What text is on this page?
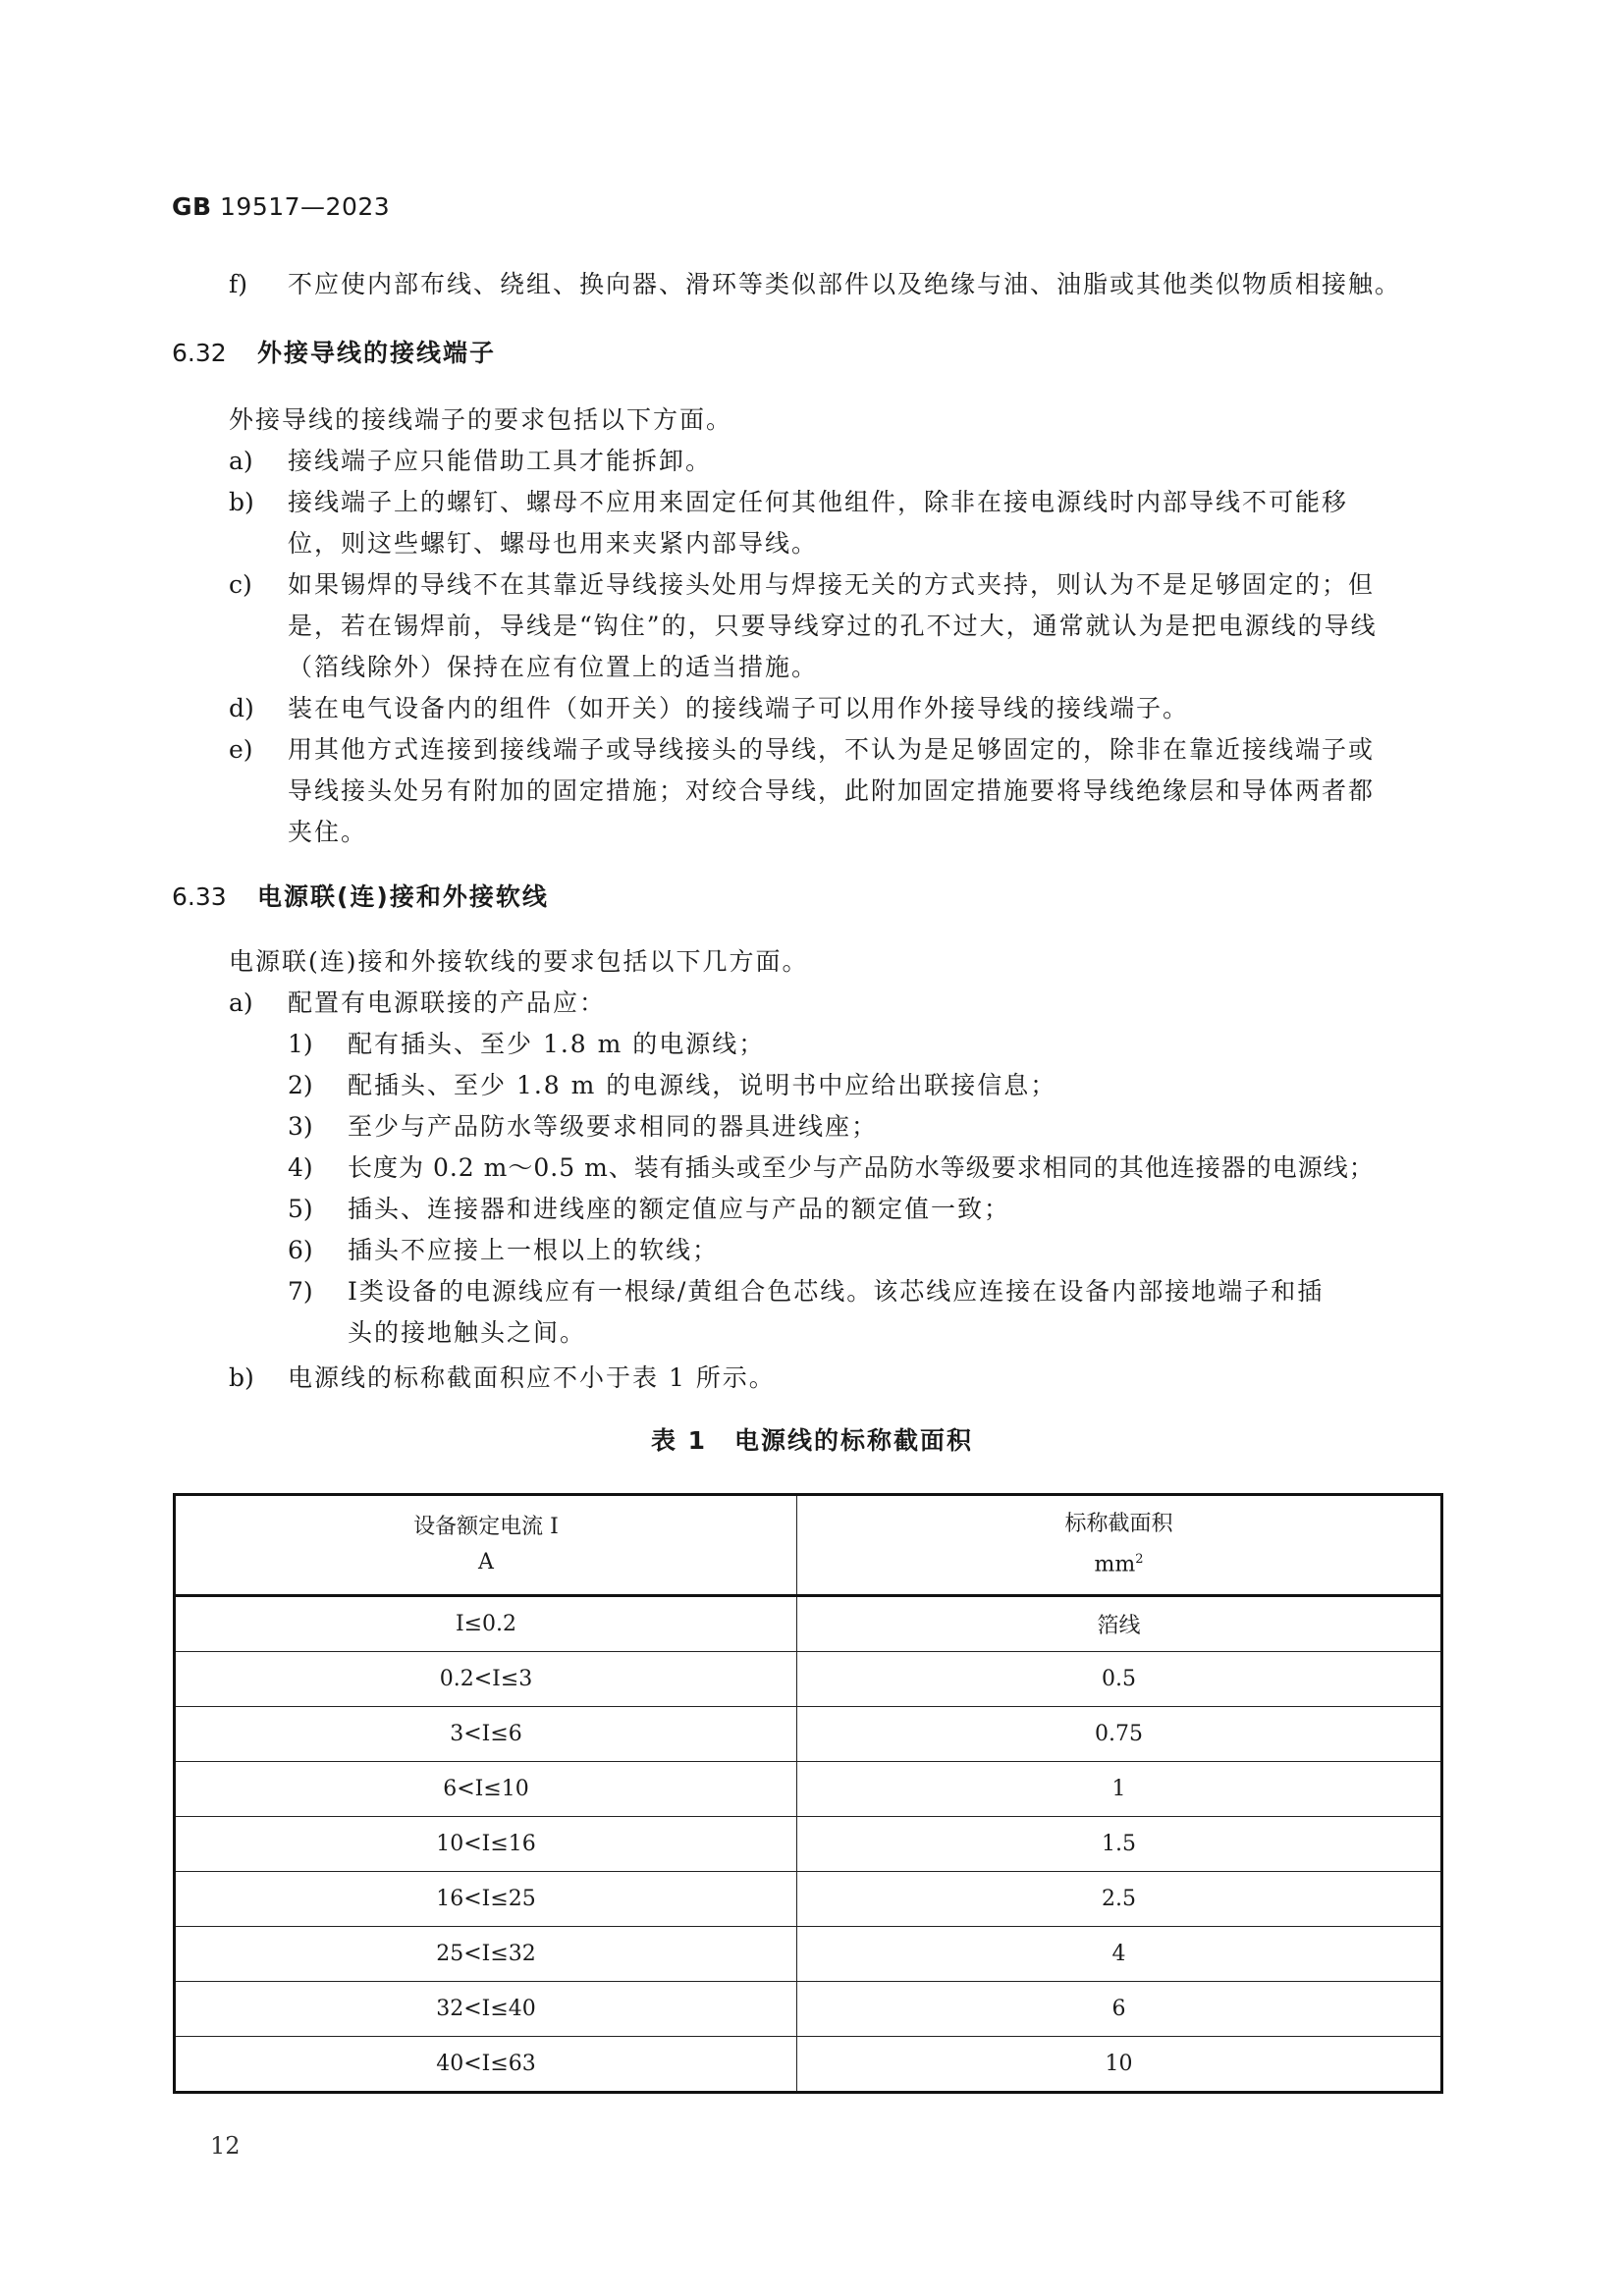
GB 19517—2023
f) 不应使内部布线、绕组、换向器、滑环等类似部件以及绝缘与油、油脂或其他类似物质相接触。
6.32 外接导线的接线端子
外接导线的接线端子的要求包括以下方面。
a) 接线端子应只能借助工具才能拆卸。
b) 接线端子上的螺钉、螺母不应用来固定任何其他组件，除非在接电源线时内部导线不可能移
位，则这些螺钉、螺母也用来夹紧内部导线。
c) 如果锡焊的导线不在其靠近导线接头处用与焊接无关的方式夹持，则认为不是足够固定的；但
是，若在锡焊前，导线是“钩住”的，只要导线穿过的孔不过大，通常就认为是把电源线的导线
（箔线除外）保持在应有位置上的适当措施。
d) 装在电气设备内的组件（如开关）的接线端子可以用作外接导线的接线端子。
e) 用其他方式连接到接线端子或导线接头的导线，不认为是足够固定的，除非在靠近接线端子或
导线接头处另有附加的固定措施；对绞合导线，此附加固定措施要将导线绝缘层和导体两者都
夹住。
6.33 电源联(连)接和外接软线
电源联(连)接和外接软线的要求包括以下几方面。
a) 配置有电源联接的产品应：
1) 配有插头、至少 1.8 m 的电源线；
2) 配插头、至少 1.8 m 的电源线，说明书中应给出联接信息；
3) 至少与产品防水等级要求相同的器具进线座；
4) 长度为 0.2 m～0.5 m、装有插头或至少与产品防水等级要求相同的其他连接器的电源线；
5) 插头、连接器和进线座的额定值应与产品的额定值一致；
6) 插头不应接上一根以上的软线；
7) Ⅰ类设备的电源线应有一根绿/黄组合色芯线。该芯线应连接在设备内部接地端子和插
头的接地触头之间。
b) 电源线的标称截面积应不小于表 1 所示。
表 1 电源线的标称截面积
设备额定电流 I
A	标称截面积
$mm^2$

I≤0.2	箔线
0.2<I≤3	0.5
3<I≤6	0.75
6<I≤10	1
10<I≤16	1.5
16<I≤25	2.5
25<I≤32	4
32<I≤40	6
40<I≤63	10
12
